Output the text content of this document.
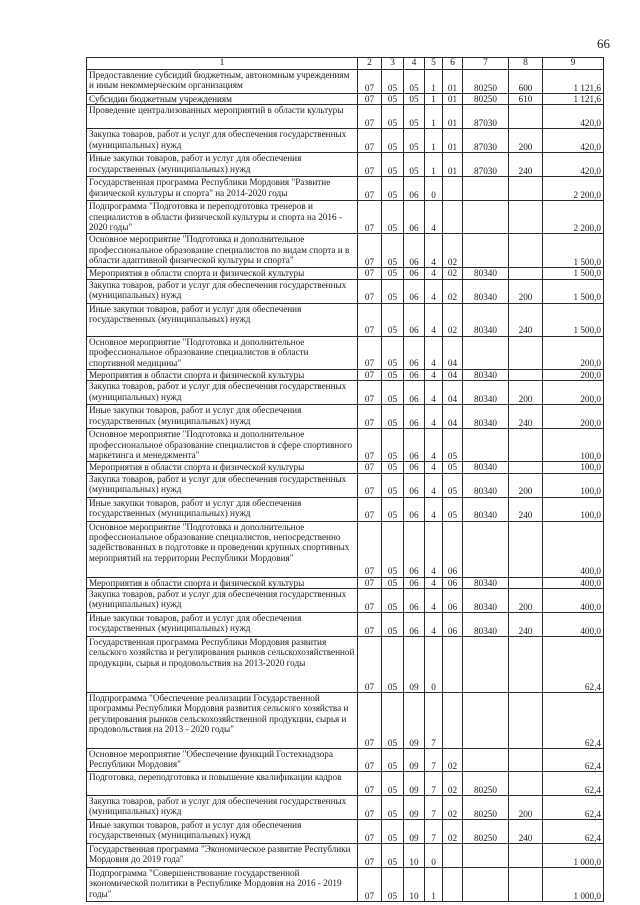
66
1	2	3	4	5	6	7	8	9
Предоставление субсидий бюджетным, автономным учреждениям и иным некоммерческим организациям	07	05	05	1	01	80250	600	1 121,6
Субсидии бюджетным учреждениям	07	05	05	1	01	80250	610	1 121,6
Проведение централизованных мероприятий в области культуры	07	05	05	1	01	87030		420,0
Закупка товаров, работ и услуг для обеспечения государственных (муниципальных) нужд	07	05	05	1	01	87030	200	420,0
Иные закупки товаров, работ и услуг для обеспечения государственных (муниципальных) нужд	07	05	05	1	01	87030	240	420,0
Государственная программа Республики Мордовия "Развитие физической культуры и спорта" на 2014-2020 годы	07	05	06	0				2 200,0
Подпрограмма "Подготовка и переподготовка тренеров и специалистов в области физической культуры и спорта на 2016 - 2020 годы"	07	05	06	4				2 200,0
Основное мероприятие "Подготовка и дополнительное профессиональное образование специалистов по видам спорта и в области адаптивной физической культуры и спорта"	07	05	06	4	02			1 500,0
Мероприятия в области спорта и физической культуры	07	05	06	4	02	80340		1 500,0
Закупка товаров, работ и услуг для обеспечения государственных (муниципальных) нужд	07	05	06	4	02	80340	200	1 500,0
Иные закупки товаров, работ и услуг для обеспечения государственных (муниципальных) нужд	07	05	06	4	02	80340	240	1 500,0
Основное мероприятие "Подготовка и дополнительное профессиональное образование специалистов в области спортивной медицины"	07	05	06	4	04			200,0
Мероприятия в области спорта и физической культуры	07	05	06	4	04	80340		200,0
Закупка товаров, работ и услуг для обеспечения государственных (муниципальных) нужд	07	05	06	4	04	80340	200	200,0
Иные закупки товаров, работ и услуг для обеспечения государственных (муниципальных) нужд	07	05	06	4	04	80340	240	200,0
Основное мероприятие "Подготовка и дополнительное профессиональное образование специалистов в сфере спортивного маркетинга и менеджмента"	07	05	06	4	05			100,0
Мероприятия в области спорта и физической культуры	07	05	06	4	05	80340		100,0
Закупка товаров, работ и услуг для обеспечения государственных (муниципальных) нужд	07	05	06	4	05	80340	200	100,0
Иные закупки товаров, работ и услуг для обеспечения государственных (муниципальных) нужд	07	05	06	4	05	80340	240	100,0
Основное мероприятие "Подготовка и дополнительное профессиональное образование специалистов, непосредственно задействованных в подготовке и проведении крупных спортивных мероприятий на территории Республики Мордовия"	07	05	06	4	06			400,0
Мероприятия в области спорта и физической культуры	07	05	06	4	06	80340		400,0
Закупка товаров, работ и услуг для обеспечения государственных (муниципальных) нужд	07	05	06	4	06	80340	200	400,0
Иные закупки товаров, работ и услуг для обеспечения государственных (муниципальных) нужд	07	05	06	4	06	80340	240	400,0
Государственная программа Республики Мордовия развития сельского хозяйства и регулирования рынков сельскохозяйственной продукции, сырья и продовольствия на 2013-2020 годы	07	05	09	0				62,4
Подпрограмма "Обеспечение реализации Государственной программы Республики Мордовия развития сельского хозяйства и регулирования рынков сельскохозяйственной продукции, сырья и продовольствия на 2013 - 2020 годы"	07	05	09	7				62,4
Основное мероприятие "Обеспечение функций Гостехнадзора Республики Мордовия"	07	05	09	7	02			62,4
Подготовка, переподготовка и повышение квалификации кадров	07	05	09	7	02	80250		62,4
Закупка товаров, работ и услуг для обеспечения государственных (муниципальных) нужд	07	05	09	7	02	80250	200	62,4
Иные закупки товаров, работ и услуг для обеспечения государственных (муниципальных) нужд	07	05	09	7	02	80250	240	62,4
Государственная программа "Экономическое развитие Республики Мордовия до 2019 года"	07	05	10	0				1 000,0
Подпрограмма "Совершенствование государственной экономической политики в Республике Мордовия на 2016 - 2019 годы"	07	05	10	1				1 000,0
